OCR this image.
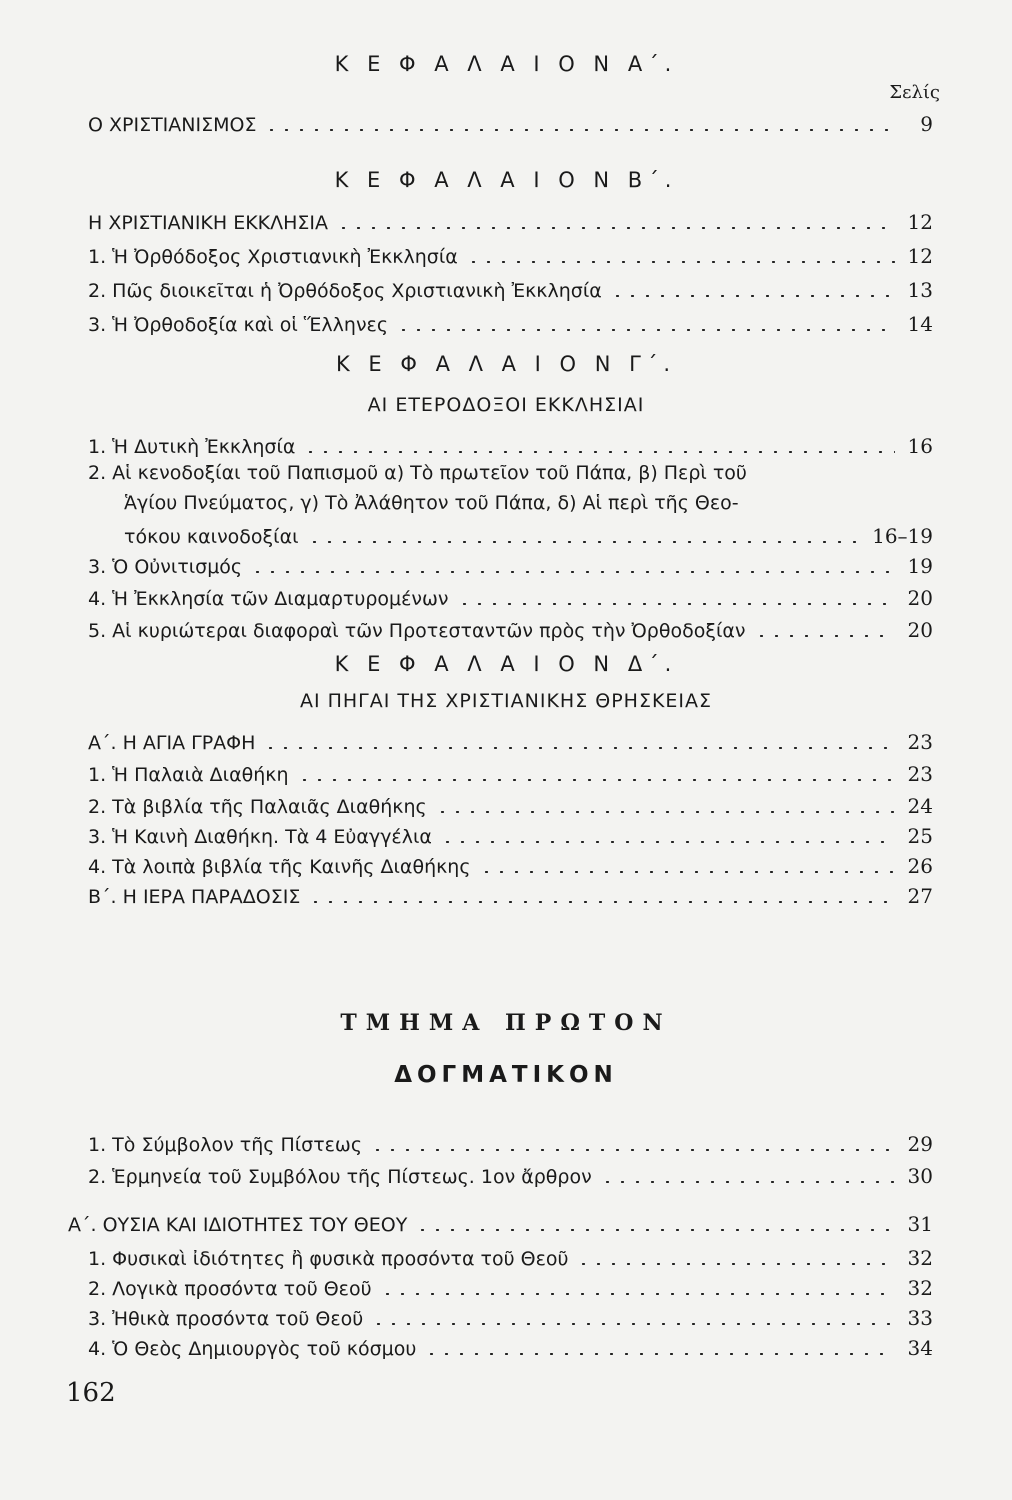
Κ Ε Φ Α Λ Α Ι Ο Ν Α΄.
Σελίς
Ο ΧΡΙΣΤΙΑΝΙΣΜΟΣ	9
Κ Ε Φ Α Λ Α Ι Ο Ν Β΄.
Η ΧΡΙΣΤΙΑΝΙΚΗ ΕΚΚΛΗΣΙΑ	12
1. Ἡ Ὀρθόδοξος Χριστιανικὴ Ἐκκλησία	12
2. Πῶς διοικεῖται ἡ Ὀρθόδοξος Χριστιανικὴ Ἐκκλησία	13
3. Ἡ Ὀρθοδοξία καὶ οἱ Ἕλληνες	14
Κ Ε Φ Α Λ Α Ι Ο Ν Γ΄.
ΑΙ ΕΤΕΡΟΔΟΞΟΙ ΕΚΚΛΗΣΙΑΙ
1. Ἡ Δυτικὴ Ἐκκλησία	16
2. Αἱ κενοδοξίαι τοῦ Παπισμοῦ α) Τὸ πρωτεῖον τοῦ Πάπα, β) Περὶ τοῦ
Ἁγίου Πνεύματος, γ) Τὸ Ἀλάθητον τοῦ Πάπα, δ) Αἱ περὶ τῆς Θεο-
τόκου καινοδοξίαι	16–19
3. Ὁ Οὐνιτισμός	19
4. Ἡ Ἐκκλησία τῶν Διαμαρτυρομένων	20
5. Αἱ κυριώτεραι διαφοραὶ τῶν Προτεσταντῶν πρὸς τὴν Ὀρθοδοξίαν	20
Κ Ε Φ Α Λ Α Ι Ο Ν Δ΄.
ΑΙ ΠΗΓΑΙ ΤΗΣ ΧΡΙΣΤΙΑΝΙΚΗΣ ΘΡΗΣΚΕΙΑΣ
Α΄. Η ΑΓΙΑ ΓΡΑΦΗ	23
1. Ἡ Παλαιὰ Διαθήκη	23
2. Τὰ βιβλία τῆς Παλαιᾶς Διαθήκης	24
3. Ἡ Καινὴ Διαθήκη. Τὰ 4 Εὐαγγέλια	25
4. Τὰ λοιπὰ βιβλία τῆς Καινῆς Διαθήκης	26
Β΄. Η ΙΕΡΑ ΠΑΡΑΔΟΣΙΣ	27
ΤΜΗΜΑ ΠΡΩΤΟΝ
ΔΟΓΜΑΤΙΚΟΝ
1. Τὸ Σύμβολον τῆς Πίστεως	29
2. Ἑρμηνεία τοῦ Συμβόλου τῆς Πίστεως. 1ον ἄρθρον	30
Α΄. ΟΥΣΙΑ ΚΑΙ ΙΔΙΟΤΗΤΕΣ ΤΟΥ ΘΕΟΥ	31
1. Φυσικαὶ ἰδιότητες ἢ φυσικὰ προσόντα τοῦ Θεοῦ	32
2. Λογικὰ προσόντα τοῦ Θεοῦ	32
3. Ἠθικὰ προσόντα τοῦ Θεοῦ	33
4. Ὁ Θεὸς Δημιουργὸς τοῦ κόσμου	34
162
